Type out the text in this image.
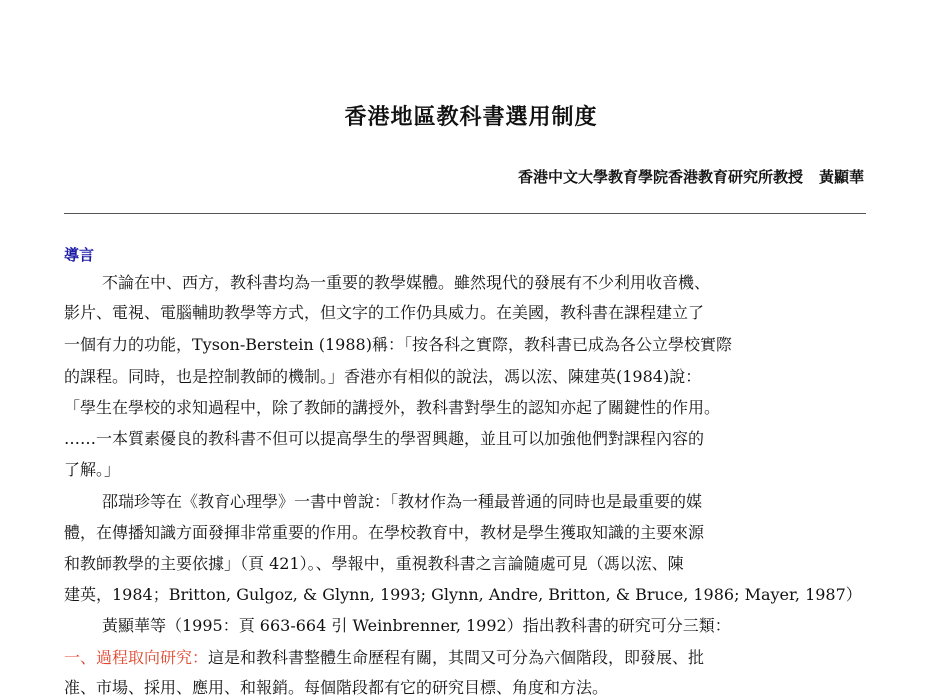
香港地區教科書選用制度
香港中文大學教育學院香港教育研究所教授 黃顯華
導言
不論在中、西方，教科書均為一重要的教學媒體。雖然現代的發展有不少利用收音機、
影片、電視、電腦輔助教學等方式，但文字的工作仍具威力。在美國，教科書在課程建立了
一個有力的功能，Tyson-Berstein (1988)稱：「按各科之實際，教科書已成為各公立學校實際
的課程。同時，也是控制教師的機制。」香港亦有相似的說法，馮以浤、陳建英(1984)說：
「學生在學校的求知過程中，除了教師的講授外，教科書對學生的認知亦起了關鍵性的作用。
……一本質素優良的教科書不但可以提高學生的學習興趣，並且可以加強他們對課程內容的
了解。」
邵瑞珍等在《教育心理學》一書中曾說：「教材作為一種最普通的同時也是最重要的媒
體，在傳播知識方面發揮非常重要的作用。在學校教育中，教材是學生獲取知識的主要來源
和教師教學的主要依據」（頁 421）。、學報中，重視教科書之言論隨處可見（馮以浤、陳
建英，1984；Britton, Gulgoz, & Glynn, 1993; Glynn, Andre, Britton, & Bruce, 1986; Mayer, 1987）
黃顯華等（1995：頁 663-664 引 Weinbrenner, 1992）指出教科書的研究可分三類：
一、過程取向研究：這是和教科書整體生命歷程有關，其間又可分為六個階段，即發展、批
准、市場、採用、應用、和報銷。每個階段都有它的研究目標、角度和方法。
